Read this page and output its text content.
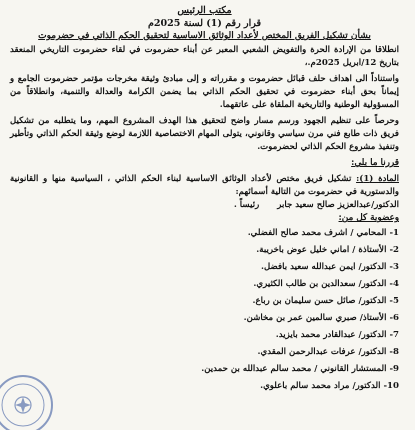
مكتب الرئيس
قرار رقم (1) لسنة 2025م
بشأن تشكيل الفريق المختص لأعداد الوثائق الاساسية لتحقيق الحكم الذاتي في حضرموت

انطلاقا من الإرادة الحرة والتفويض الشعبي المعبر عن أبناء حضرموت في لقاء حضرموت التاريخي المنعقد بتاريخ 12/ابريل 2025م.،

واستناداً الى اهداف حلف قبائل حضرموت و مقرراته و إلى مبادئ وثيقة مخرجات مؤتمر حضرموت الجامع و إيماناً بحق أبناء حضرموت في تحقيق الحكم الذاتي بما يضمن الكرامة والعدالة والتنمية، وانطلاقاً من المسؤولية الوطنية والتاريخية الملقاة على عاتقهما.

وحرصاً على تنظيم الجهود ورسم مسار واضح لتحقيق هذا الهدف المشروع المهم، وما يتطلبه من تشكيل فريق ذات طابع فني مرن سياسي وقانوني، يتولى المهام الاختصاصية اللازمة لوضع وثيقة الحكم الذاتي وتأطير وتنفيذ مشروع الحكم الذاتي لحضرموت.

قررنا ما يلي:

المادة (1): تشكيل فريق مختص لأعداد الوثائق الاساسية لبناء الحكم الذاتي ، السياسية منها و القانونية والدستورية في حضرموت من التالية أسمائهم:

الدكتور/عبدالعزيز صالح سعيد جابر
رئيساً .
وعضوية كل من:
1- المحامي / اشرف محمد صالح الفضلي.
2- الأستاذة / اماني خليل عوض باخريبة.
3- الدكتور/ ايمن عبدالله سعيد بافضل.
4- الدكتور/ سعدالدين بن طالب الكثيري.
5- الدكتور/ صائل حسن سليمان بن رباع.
6- الأستاذ/ صبري سالمين عمر بن مخاشن.
7- الدكتور/ عبدالقادر محمد بايزيد.
8- الدكتور/ عرفات عبدالرحمن المقدي.
9- المستشار القانوني / محمد سالم عبدالله بن حمدين.
10- الدكتور/ مراد محمد سالم باعلوي.
